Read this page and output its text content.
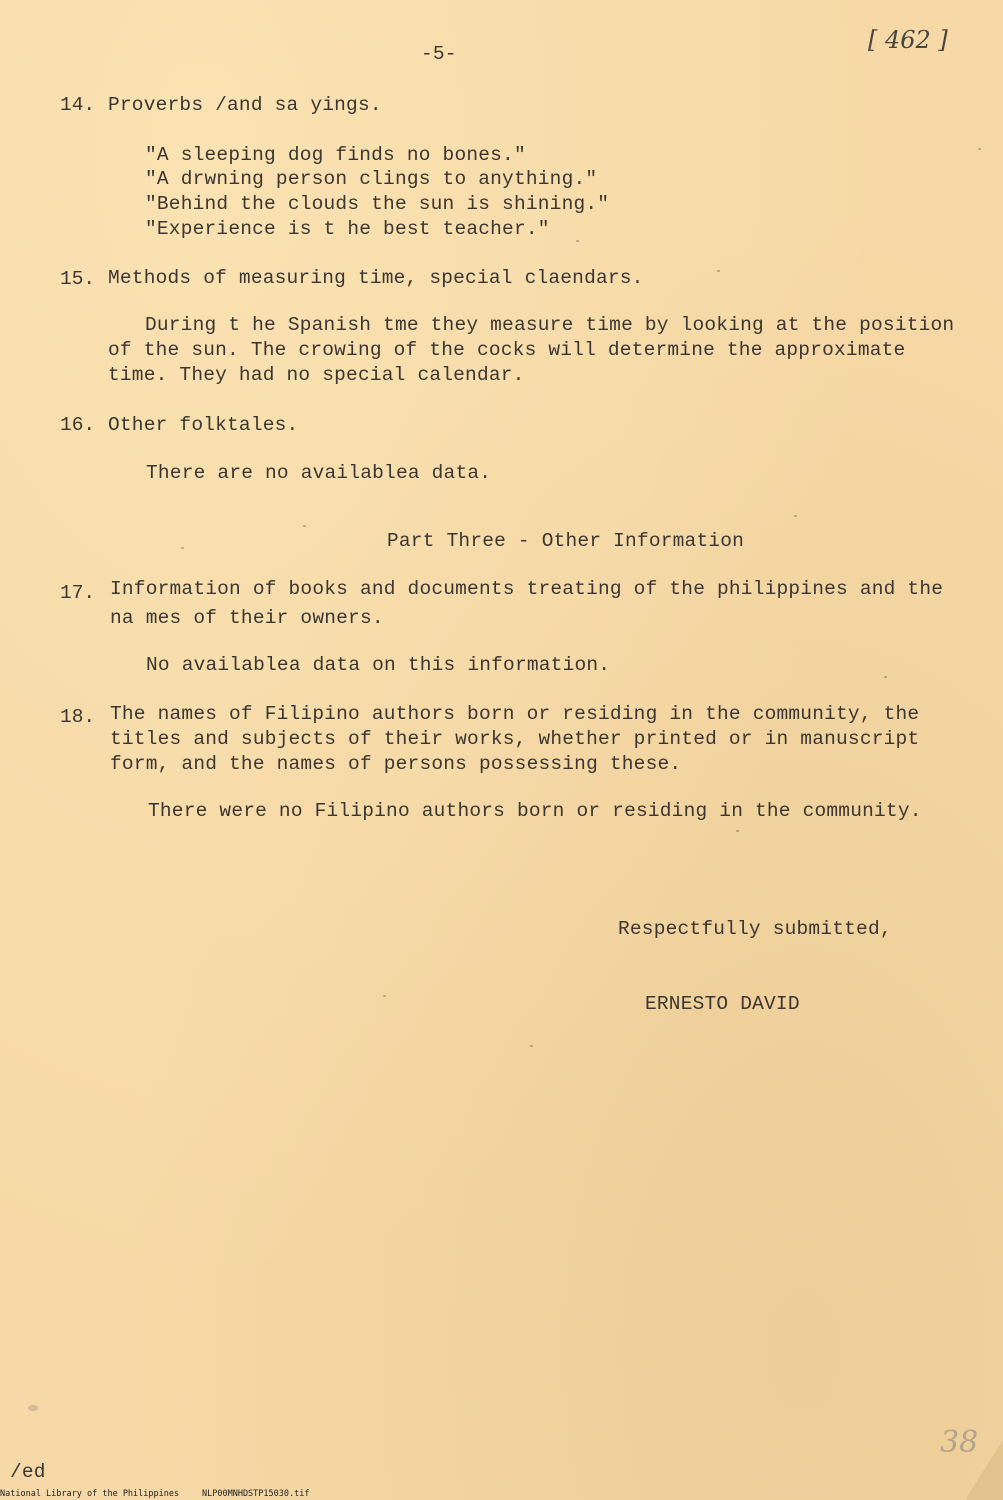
-5-	[ 462 ]
14. Proverbs /and sa yings.
"A sleeping dog finds no bones."
"A drwning person clings to anything."
"Behind the clouds the sun is shining."
"Experience is t he best teacher."
15. Methods of measuring time, special claendars.
During t he Spanish tme they measure time by looking at the position
of the sun. The crowing of the cocks will determine the approximate
time. They had no special calendar.
16. Other folktales.
There are no availablea data.
Part Three - Other Information
17. Information of books and documents treating of the philippines and the
na mes of their owners.
No availablea data on this information.
18. The names of Filipino authors born or residing in the community, the
titles and subjects of their works, whether printed or in manuscript
form, and the names of persons possessing these.
There were no Filipino authors born or residing in the community.
Respectfully submitted,
ERNESTO DAVID
/ed
38
National Library of the Philippines	NLP00MNHDSTP15030.tif
